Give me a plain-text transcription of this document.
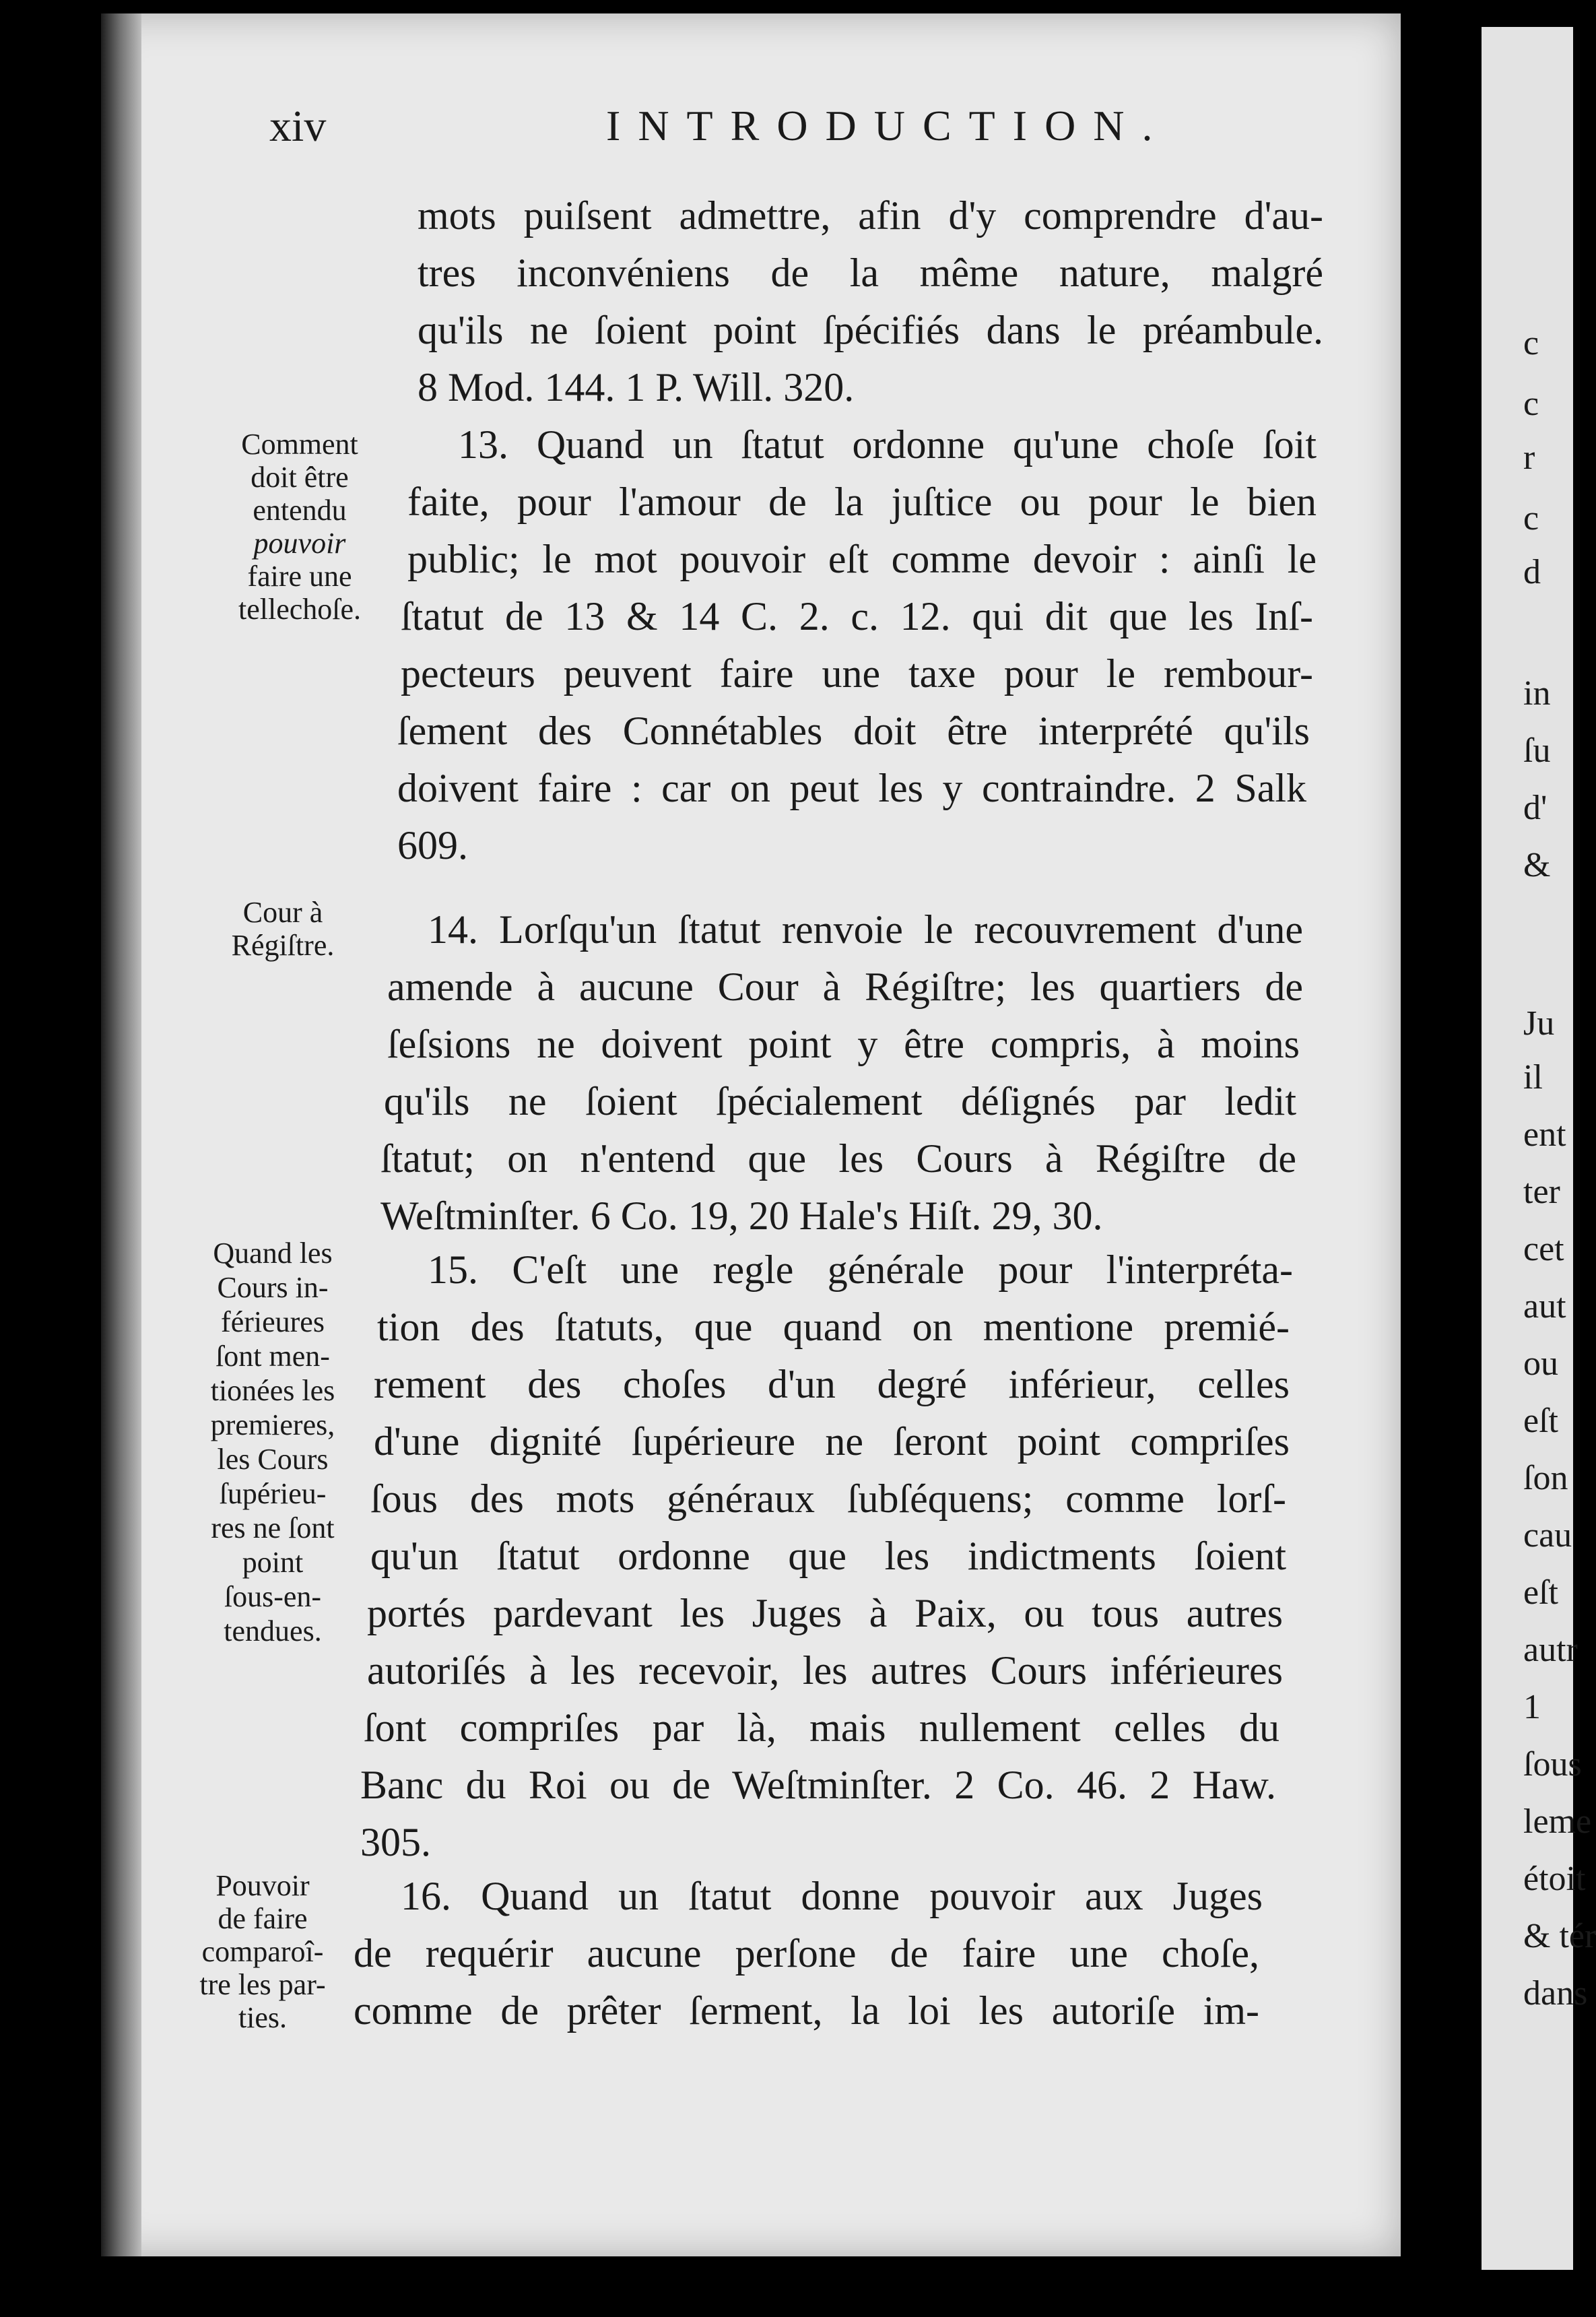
xiv	INTRODUCTION.
mots puiſsent admettre, afin d'y comprendre d'au-
tres inconvéniens de la même nature, malgré
qu'ils ne ſoient point ſpécifiés dans le préambule.
8 Mod. 144. 1 P. Will. 320.
13. Quand un ſtatut ordonne qu'une choſe ſoit
faite, pour l'amour de la juſtice ou pour le bien
public; le mot pouvoir eſt comme devoir : ainſi le
ſtatut de 13 & 14 C. 2. c. 12. qui dit que les Inſ-
pecteurs peuvent faire une taxe pour le rembour-
ſement des Connétables doit être interprété qu'ils
doivent faire : car on peut les y contraindre. 2 Salk
609.
14. Lorſqu'un ſtatut renvoie le recouvrement d'une
amende à aucune Cour à Régiſtre; les quartiers de
ſeſsions ne doivent point y être compris, à moins
qu'ils ne ſoient ſpécialement déſignés par ledit
ſtatut; on n'entend que les Cours à Régiſtre de
Weſtminſter. 6 Co. 19, 20 Hale's Hiſt. 29, 30.
15. C'eſt une regle générale pour l'interpréta-
tion des ſtatuts, que quand on mentione premié-
rement des choſes d'un degré inférieur, celles
d'une dignité ſupérieure ne ſeront point compriſes
ſous des mots généraux ſubſéquens; comme lorſ-
qu'un ſtatut ordonne que les indictments ſoient
portés pardevant les Juges à Paix, ou tous autres
autoriſés à les recevoir, les autres Cours inférieures
ſont compriſes par là, mais nullement celles du
Banc du Roi ou de Weſtminſter. 2 Co. 46. 2 Haw.
305.
16. Quand un ſtatut donne pouvoir aux Juges
de requérir aucune perſone de faire une choſe,
comme de prêter ſerment, la loi les autoriſe im-
Comment
doit être
entendu
pouvoir
faire une
tellechoſe.
Cour à
Régiſtre.
Quand les
Cours in-
férieures
ſont men-
tionées les
premieres,
les Cours
ſupérieu-
res ne ſont
point
ſous-en-
tendues.
Pouvoir
de faire
comparoî-
tre les par-
ties.
c
c
r
c
d
in
ſu
d'
&
Ju
il
ent
ter
cet
aut
ou
eſt
ſon
cau
eſt
autr
1
ſous
leme
étoit
& tér
dans
